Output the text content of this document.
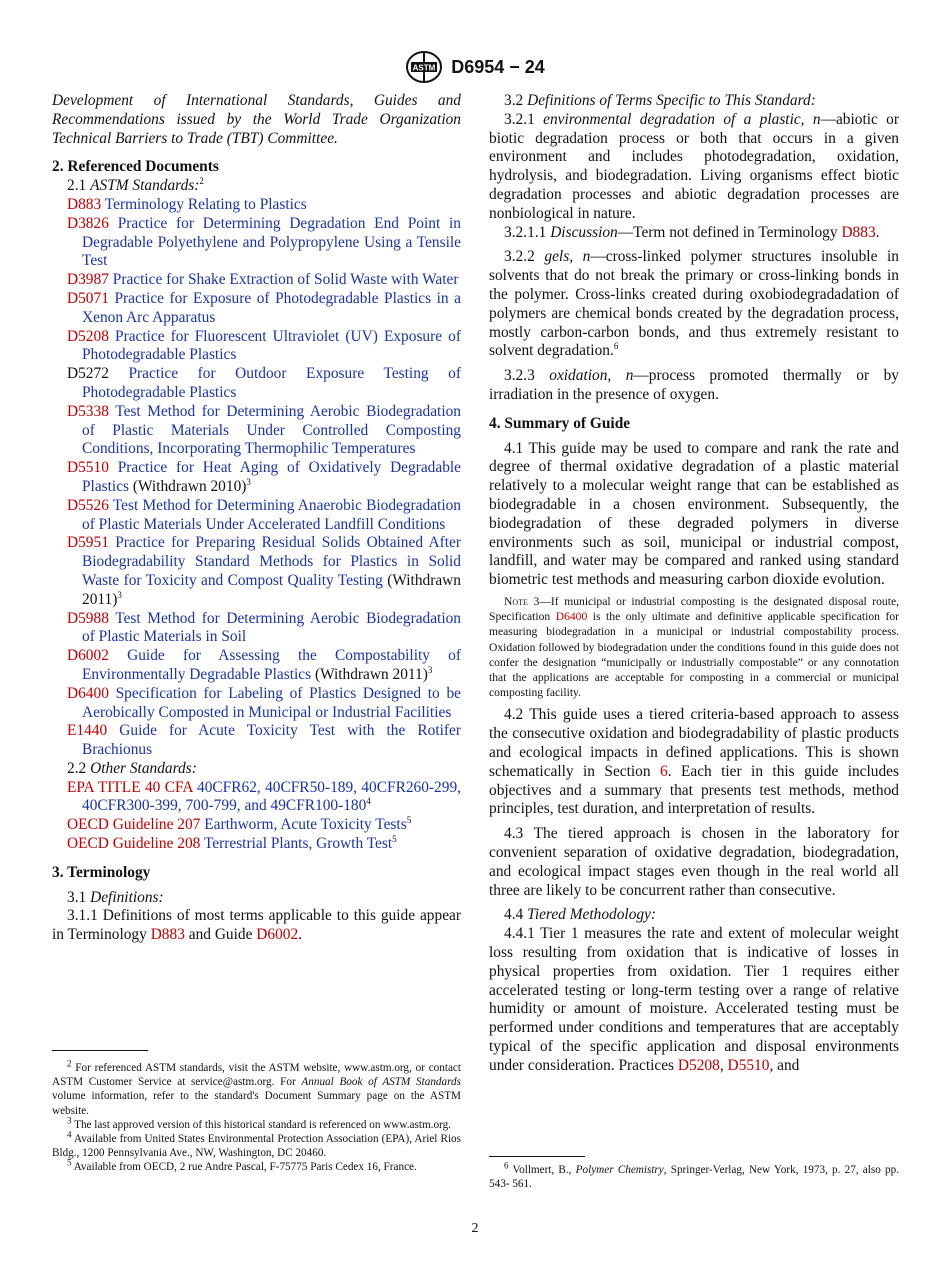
ASTM D6954 − 24

Development of International Standards, Guides and Recommendations issued by the World Trade Organization Technical Barriers to Trade (TBT) Committee.

2. Referenced Documents

2.1 ASTM Standards:$^2$

D883 Terminology Relating to Plastics

D3826 Practice for Determining Degradation End Point in Degradable Polyethylene and Polypropylene Using a Tensile Test

D3987 Practice for Shake Extraction of Solid Waste with Water

D5071 Practice for Exposure of Photodegradable Plastics in a Xenon Arc Apparatus

D5208 Practice for Fluorescent Ultraviolet (UV) Exposure of Photodegradable Plastics

D5272 Practice for Outdoor Exposure Testing of Photodegradable Plastics

D5338 Test Method for Determining Aerobic Biodegradation of Plastic Materials Under Controlled Composting Conditions, Incorporating Thermophilic Temperatures

D5510 Practice for Heat Aging of Oxidatively Degradable Plastics (Withdrawn 2010)$^3$

D5526 Test Method for Determining Anaerobic Biodegradation of Plastic Materials Under Accelerated Landfill Conditions

D5951 Practice for Preparing Residual Solids Obtained After Biodegradability Standard Methods for Plastics in Solid Waste for Toxicity and Compost Quality Testing (Withdrawn 2011)$^3$

D5988 Test Method for Determining Aerobic Biodegradation of Plastic Materials in Soil

D6002 Guide for Assessing the Compostability of Environmentally Degradable Plastics (Withdrawn 2011)$^3$

D6400 Specification for Labeling of Plastics Designed to be Aerobically Composted in Municipal or Industrial Facilities

E1440 Guide for Acute Toxicity Test with the Rotifer Brachionus

2.2 Other Standards:

EPA TITLE 40 CFA 40CFR62, 40CFR50-189, 40CFR260-299, 40CFR300-399, 700-799, and $49CFR100-180^4$

OECD Guideline 207 Earthworm, Acute Toxicity Tests$^5$

OECD Guideline 208 Terrestrial Plants, Growth Test$^5$

3. Terminology

3.1 Definitions:

3.1.1 Definitions of most terms applicable to this guide appear in Terminology D883 and Guide D6002.

$^2$ For referenced ASTM standards, visit the ASTM website, www.astm.org, or contact ASTM Customer Service at service@astm.org. For Annual Book of ASTM Standards volume information, refer to the standard's Document Summary page on the ASTM website.

$^3$ The last approved version of this historical standard is referenced on www.astm.org.

$^4$ Available from United States Environmental Protection Association (EPA), Ariel Rios Bldg., 1200 Pennsylvania Ave., NW, Washington, DC 20460.

$^5$ Available from OECD, 2 rue Andre Pascal, F-75775 Paris Cedex 16, France.

3.2 Definitions of Terms Specific to This Standard:

3.2.1 environmental degradation of a plastic, n—abiotic or biotic degradation process or both that occurs in a given environment and includes photodegradation, oxidation, hydrolysis, and biodegradation. Living organisms effect biotic degradation processes and abiotic degradation processes are nonbiological in nature.

3.2.1.1 Discussion—Term not defined in Terminology D883.

3.2.2 gels, n—cross-linked polymer structures insoluble in solvents that do not break the primary or cross-linking bonds in the polymer. Cross-links created during oxobiodegradadation of polymers are chemical bonds created by the degradation process, mostly carbon-carbon bonds, and thus extremely resistant to solvent degradation.$^6$

3.2.3 oxidation, n—process promoted thermally or by irradiation in the presence of oxygen.

4. Summary of Guide

4.1 This guide may be used to compare and rank the rate and degree of thermal oxidative degradation of a plastic material relatively to a molecular weight range that can be established as biodegradable in a chosen environment. Subsequently, the biodegradation of these degraded polymers in diverse environments such as soil, municipal or industrial compost, landfill, and water may be compared and ranked using standard biometric test methods and measuring carbon dioxide evolution.

Note 3—If municipal or industrial composting is the designated disposal route, Specification D6400 is the only ultimate and definitive applicable specification for measuring biodegradation in a municipal or industrial compostability process. Oxidation followed by biodegradation under the conditions found in this guide does not confer the designation “municipally or industrially compostable” or any connotation that the applications are acceptable for composting in a commercial or municipal composting facility.

4.2 This guide uses a tiered criteria-based approach to assess the consecutive oxidation and biodegradability of plastic products and ecological impacts in defined applications. This is shown schematically in Section 6. Each tier in this guide includes objectives and a summary that presents test methods, method principles, test duration, and interpretation of results.

4.3 The tiered approach is chosen in the laboratory for convenient separation of oxidative degradation, biodegradation, and ecological impact stages even though in the real world all three are likely to be concurrent rather than consecutive.

4.4 Tiered Methodology:

4.4.1 Tier 1 measures the rate and extent of molecular weight loss resulting from oxidation that is indicative of losses in physical properties from oxidation. Tier 1 requires either accelerated testing or long-term testing over a range of relative humidity or amount of moisture. Accelerated testing must be performed under conditions and temperatures that are acceptably typical of the specific application and disposal environments under consideration. Practices D5208, D5510, and

$^6$ Vollmert, B., Polymer Chemistry, Springer-Verlag, New York, 1973, p. 27, also pp. 543- 561.

2
